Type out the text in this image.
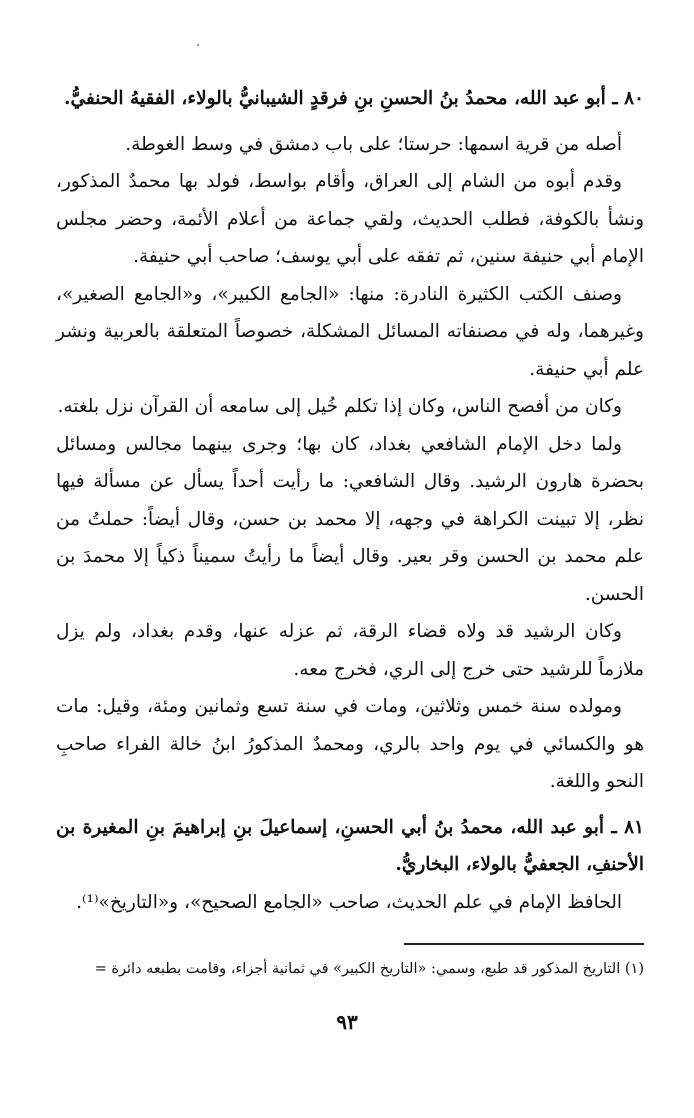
٨٠ ـ أبو عبد الله، محمدُ بنُ الحسنِ بنِ فرقدٍ الشيبانيُّ بالولاء، الفقيهُ الحنفيُّ.

أصله من قرية اسمها: حرستا؛ على باب دمشق في وسط الغوطة.

وقدم أبوه من الشام إلى العراق، وأقام بواسط، فولد بها محمدٌ المذكور، ونشأ بالكوفة، فطلب الحديث، ولقي جماعة من أعلام الأئمة، وحضر مجلس الإمام أبي حنيفة سنين، ثم تفقه على أبي يوسف؛ صاحب أبي حنيفة.

وصنف الكتب الكثيرة النادرة: منها: «الجامع الكبير»، و«الجامع الصغير»، وغيرهما، وله في مصنفاته المسائل المشكلة، خصوصاً المتعلقة بالعربية ونشر علم أبي حنيفة.

وكان من أفصح الناس، وكان إذا تكلم خُيل إلى سامعه أن القرآن نزل بلغته.

ولما دخل الإمام الشافعي بغداد، كان بها؛ وجرى بينهما مجالس ومسائل بحضرة هارون الرشيد. وقال الشافعي: ما رأيت أحداً يسأل عن مسألة فيها نظر، إلا تبينت الكراهة في وجهه، إلا محمد بن حسن، وقال أيضاً: حملتُ من علم محمد بن الحسن وقر بعير. وقال أيضاً ما رأيتُ سميناً ذكياً إلا محمدَ بن الحسن.

وكان الرشيد قد ولاه قضاء الرقة، ثم عزله عنها، وقدم بغداد، ولم يزل ملازماً للرشيد حتى خرج إلى الري، فخرج معه.

ومولده سنة خمس وثلاثين، ومات في سنة تسع وثمانين ومئة، وقيل: مات هو والكسائي في يوم واحد بالري، ومحمدٌ المذكورُ ابنُ خالة الفراء صاحبِ النحو واللغة.

٨١ ـ أبو عبد الله، محمدُ بنُ أبي الحسنِ، إسماعيلَ بنِ إبراهيمَ بنِ المغيرة بن الأحنفِ، الجعفيُّ بالولاء، البخاريُّ.

الحافظ الإمام في علم الحديث، صاحب «الجامع الصحيح»، و«التاريخ»⁽¹⁾.

(١) التاريخ المذكور قد طبع، وسمي: «التاريخ الكبير» في ثمانية أجزاء، وقامت بطبعه دائرة =
٩٣
